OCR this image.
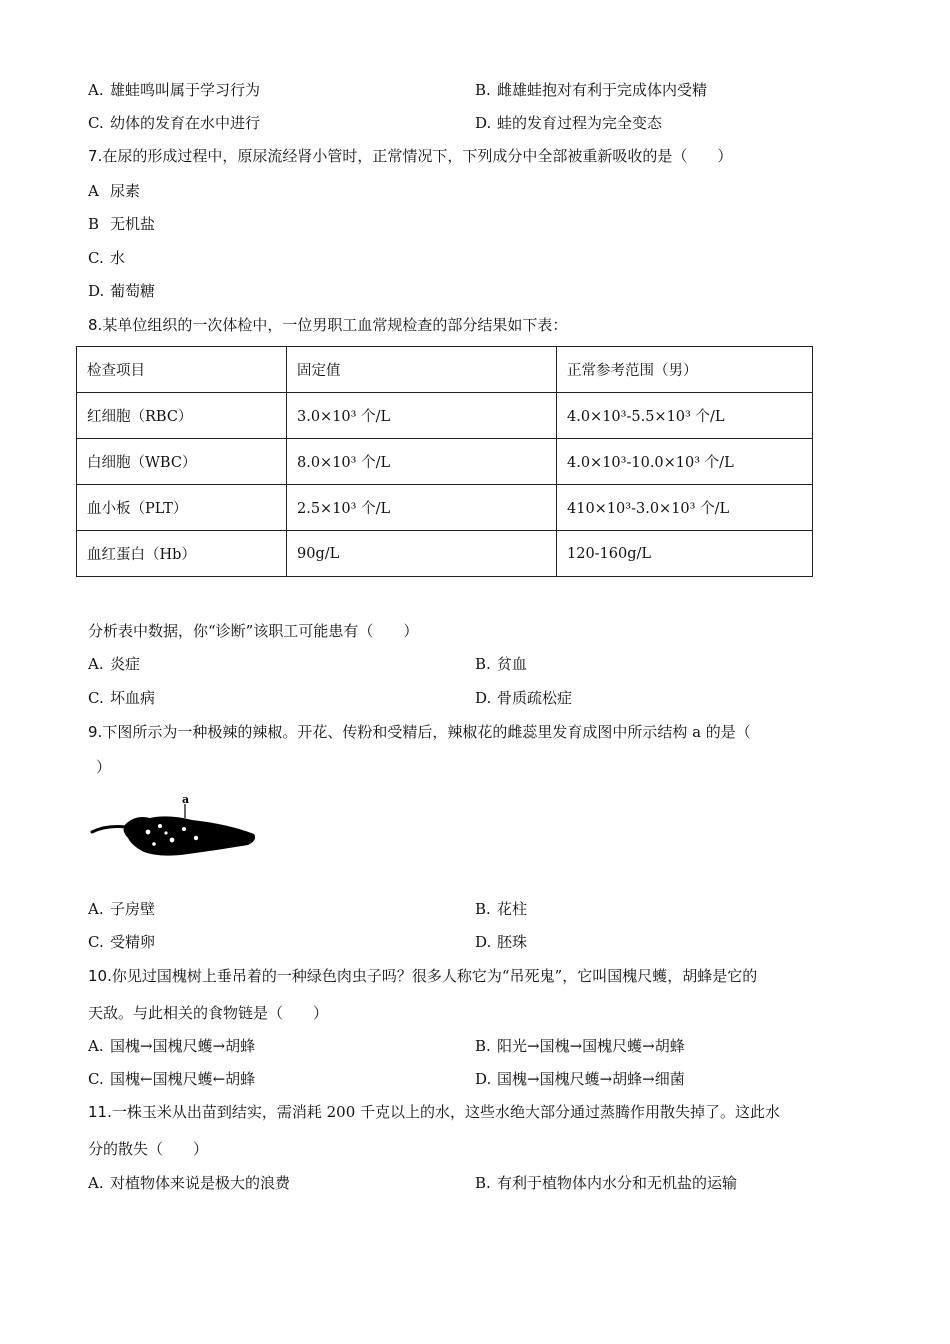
A. 雄蛙鸣叫属于学习行为	B. 雌雄蛙抱对有利于完成体内受精
C. 幼体的发育在水中进行	D. 蛙的发育过程为完全变态
7.在尿的形成过程中，原尿流经肾小管时，正常情况下，下列成分中全部被重新吸收的是（　　）
A 尿素
B 无机盐
C. 水
D. 葡萄糖
8.某单位组织的一次体检中，一位男职工血常规检查的部分结果如下表：
检查项目	固定值	正常参考范围（男）
红细胞（RBC）	3.0×10³ 个/L	4.0×10³-5.5×10³ 个/L
白细胞（WBC）	8.0×10³ 个/L	4.0×10³-10.0×10³ 个/L
血小板（PLT）	2.5×10³ 个/L	410×10³-3.0×10³ 个/L
血红蛋白（Hb）	90g/L	120-160g/L
分析表中数据，你“诊断”该职工可能患有（　　）
A. 炎症	B. 贫血
C. 坏血病	D. 骨质疏松症
9.下图所示为一种极辣的辣椒。开花、传粉和受精后，辣椒花的雌蕊里发育成图中所示结构 a 的是（
）
a
A. 子房壁	B. 花柱
C. 受精卵	D. 胚珠
10.你见过国槐树上垂吊着的一种绿色肉虫子吗？很多人称它为“吊死鬼”，它叫国槐尺蠖，胡蜂是它的
天敌。与此相关的食物链是（　　）
A. 国槐→国槐尺蠖→胡蜂	B. 阳光→国槐→国槐尺蠖→胡蜂
C. 国槐←国槐尺蠖←胡蜂	D. 国槐→国槐尺蠖→胡蜂→细菌
11.一株玉米从出苗到结实，需消耗 200 千克以上的水，这些水绝大部分通过蒸腾作用散失掉了。这此水
分的散失（　　）
A. 对植物体来说是极大的浪费	B. 有利于植物体内水分和无机盐的运输
